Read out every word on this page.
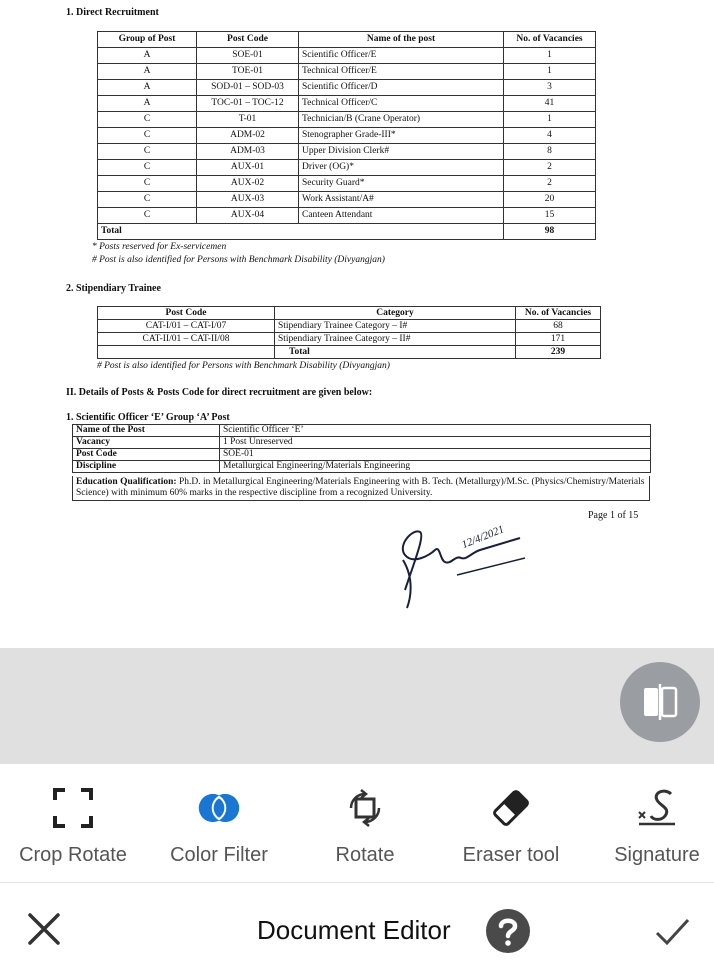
1. Direct Recruitment
Group of Post	Post Code	Name of the post	No. of Vacancies
A	SOE-01	Scientific Officer/E	1
A	TOE-01	Technical Officer/E	1
A	SOD-01 – SOD-03	Scientific Officer/D	3
A	TOC-01 – TOC-12	Technical Officer/C	41
C	T-01	Technician/B (Crane Operator)	1
C	ADM-02	Stenographer Grade-III*	4
C	ADM-03	Upper Division Clerk#	8
C	AUX-01	Driver (OG)*	2
C	AUX-02	Security Guard*	2
C	AUX-03	Work Assistant/A#	20
C	AUX-04	Canteen Attendant	15
Total			98
* Posts reserved for Ex-servicemen
# Post is also identified for Persons with Benchmark Disability (Divyangjan)
2. Stipendiary Trainee
Post Code	Category	No. of Vacancies
CAT-I/01 – CAT-I/07	Stipendiary Trainee Category – I#	68
CAT-II/01 – CAT-II/08	Stipendiary Trainee Category – II#	171
	Total	239
# Post is also identified for Persons with Benchmark Disability (Divyangjan)
II. Details of Posts & Posts Code for direct recruitment are given below:
1. Scientific Officer ‘E’ Group ‘A’ Post
Name of the Post	Scientific Officer ‘E’
Vacancy	1 Post Unreserved
Post Code	SOE-01
Discipline	Metallurgical Engineering/Materials Engineering
Education Qualification: Ph.D. in Metallurgical Engineering/Materials Engineering with B. Tech. (Metallurgy)/M.Sc. (Physics/Chemistry/Materials Science) with minimum 60% marks in the respective discipline from a recognized University.
Page 1 of 15
12/4/2021
Crop Rotate	Color Filter	Rotate	Eraser tool	Signature
Document Editor
